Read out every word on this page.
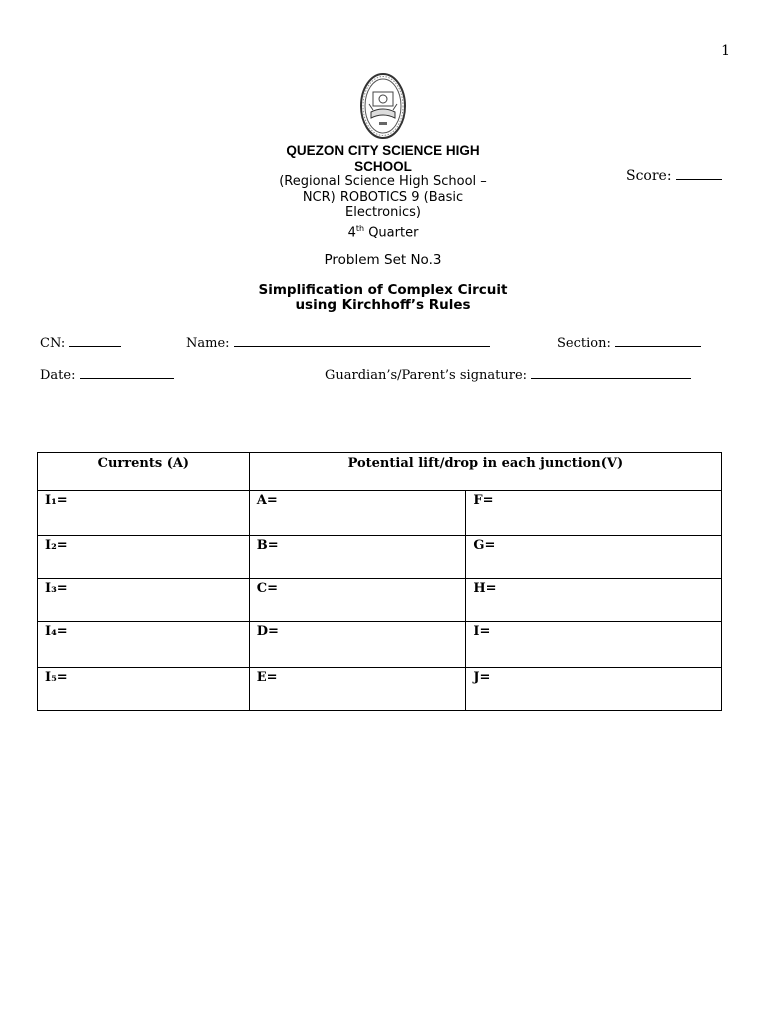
1
QUEZON CITY SCIENCE HIGH SCHOOL
(Regional Science High School – NCR) ROBOTICS 9 (Basic Electronics)
4th Quarter
Score:
Problem Set No.3
Simplification of Complex Circuit
using Kirchhoff’s Rules
CN:	Name:	Section:
Date:	Guardian’s/Parent’s signature:
Currents (A)	Potential lift/drop in each junction(V)	
I₁=	A=	F=
I₂=	B=	G=
I₃=	C=	H=
I₄=	D=	I=
I₅=	E=	J=
